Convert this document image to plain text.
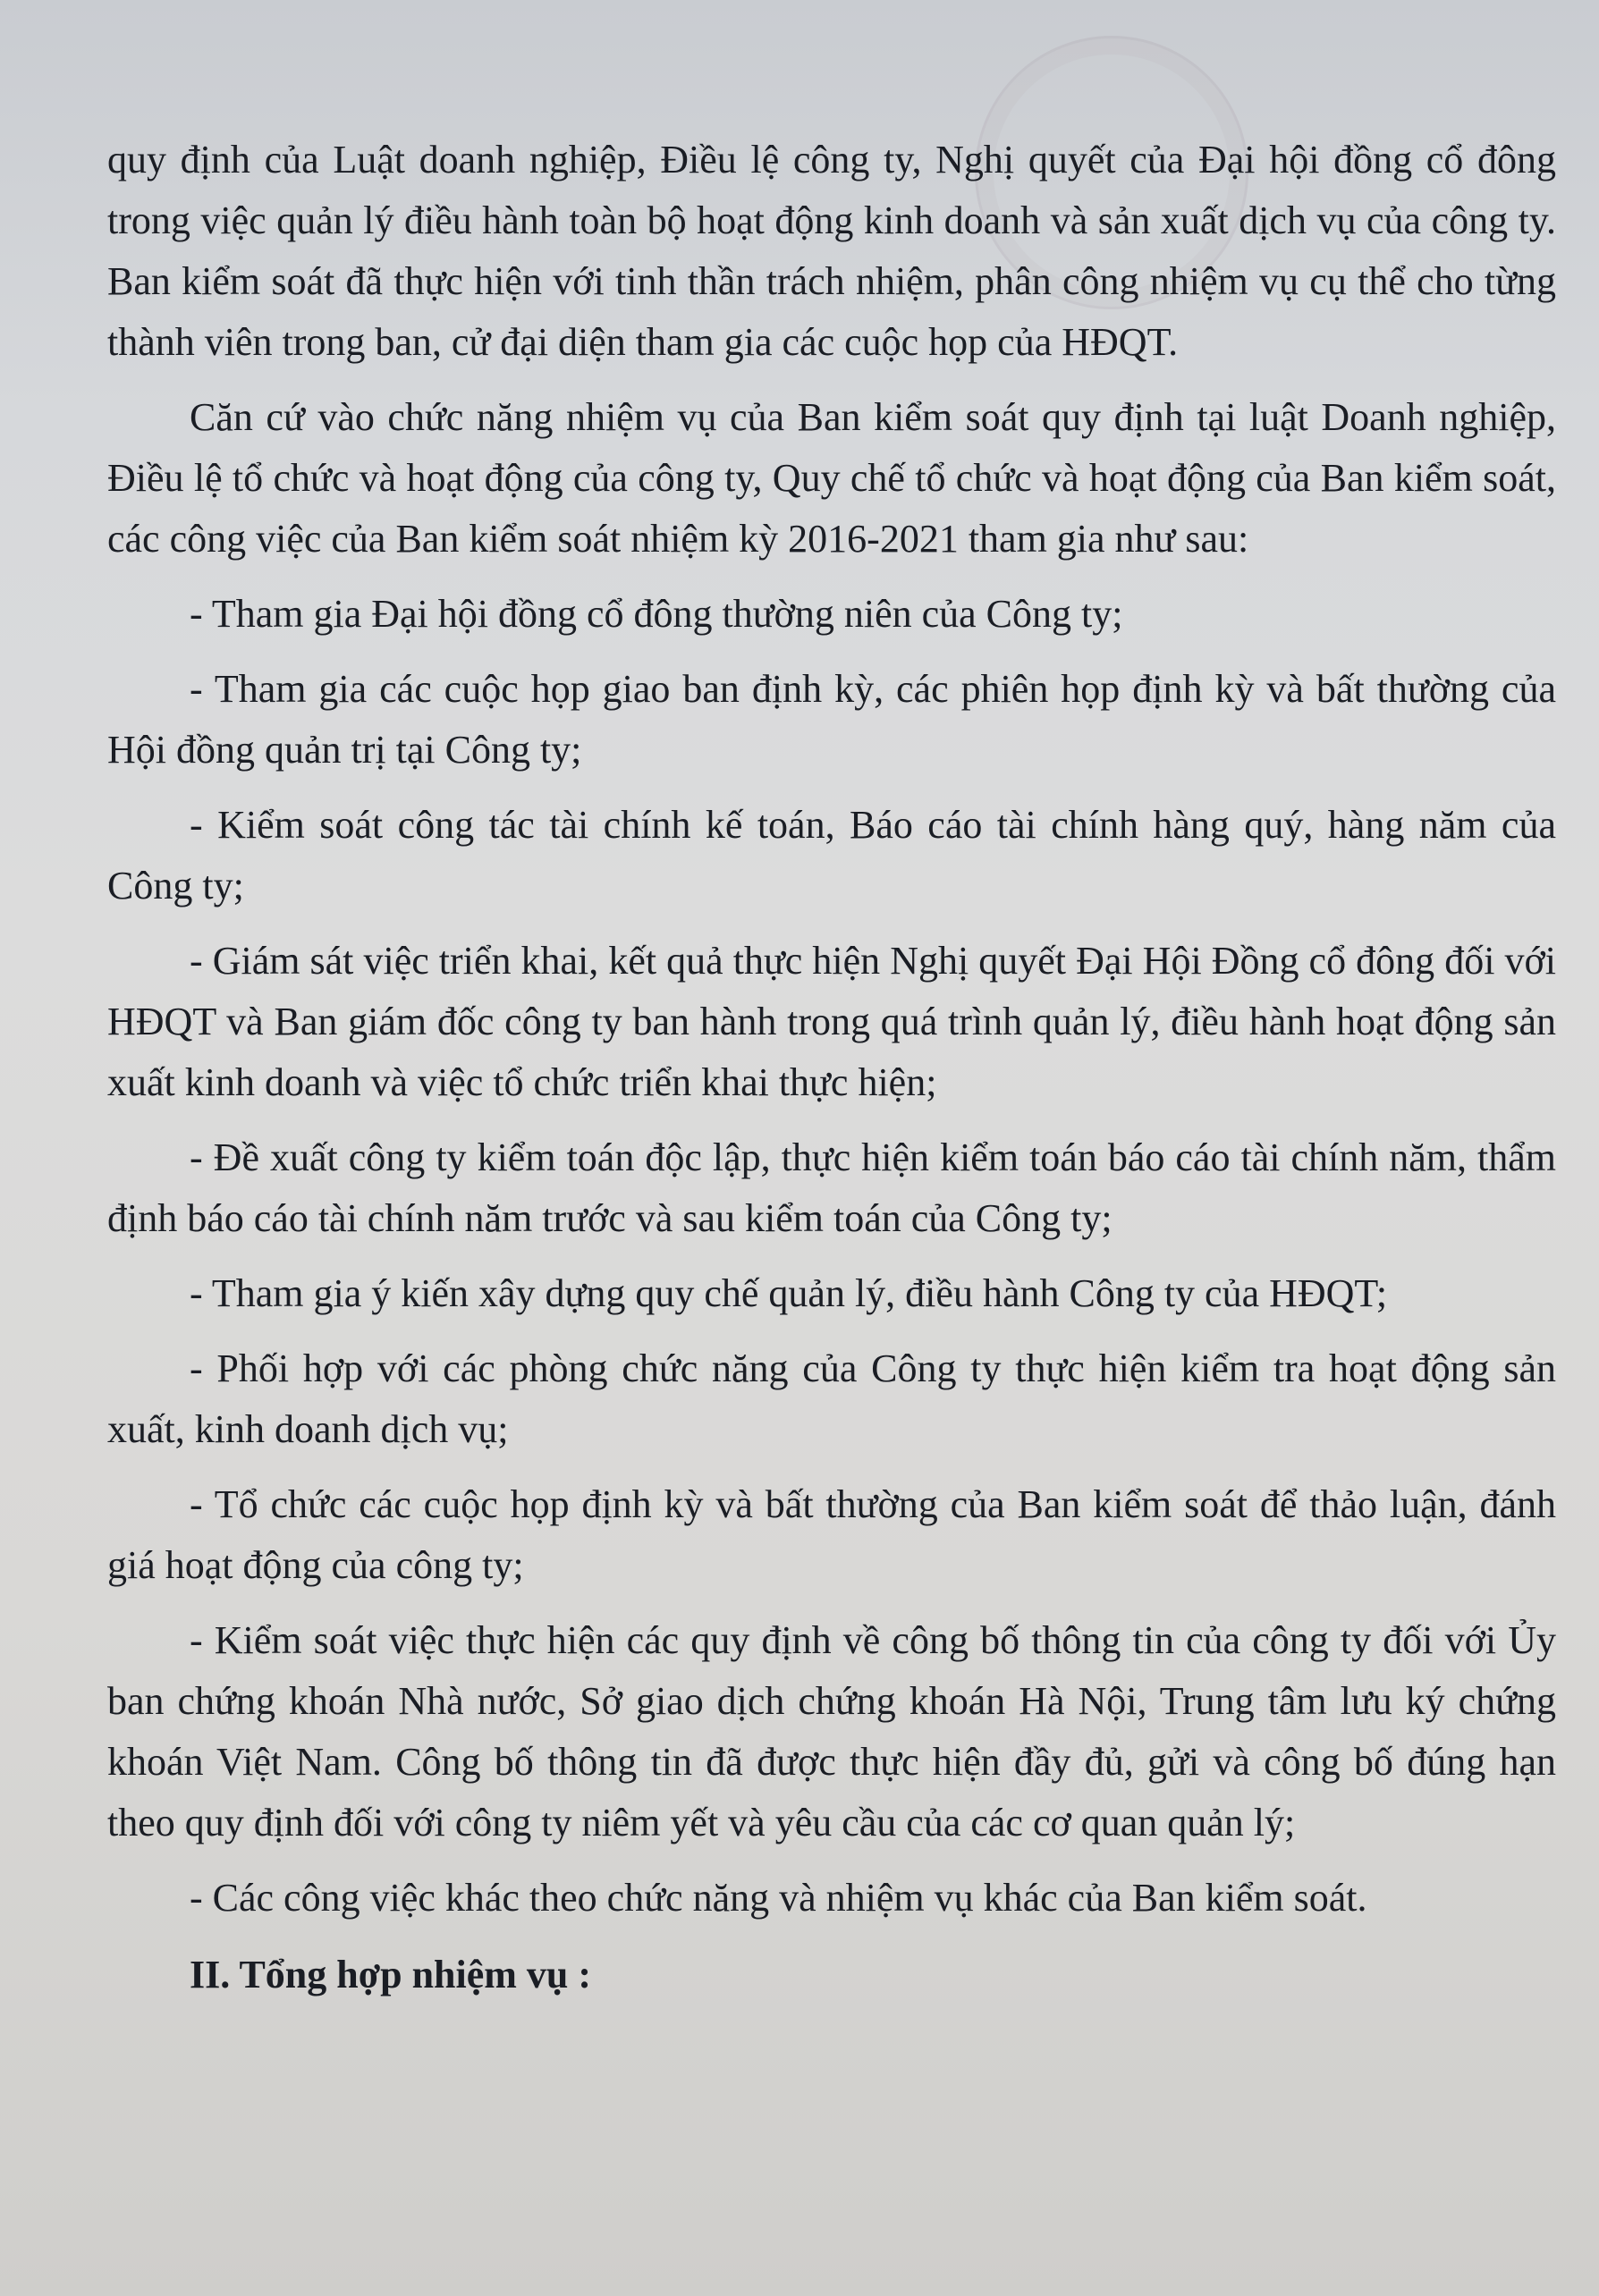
quy định của Luật doanh nghiệp, Điều lệ công ty, Nghị quyết của Đại hội đồng cổ đông trong việc quản lý điều hành toàn bộ hoạt động kinh doanh và sản xuất dịch vụ của công ty. Ban kiểm soát đã thực hiện với tinh thần trách nhiệm, phân công nhiệm vụ cụ thể cho từng thành viên trong ban, cử đại diện tham gia các cuộc họp của HĐQT.

Căn cứ vào chức năng nhiệm vụ của Ban kiểm soát quy định tại luật Doanh nghiệp, Điều lệ tổ chức và hoạt động của công ty, Quy chế tổ chức và hoạt động của Ban kiểm soát, các công việc của Ban kiểm soát nhiệm kỳ 2016-2021 tham gia như sau:

- Tham gia Đại hội đồng cổ đông thường niên của Công ty;

- Tham gia các cuộc họp giao ban định kỳ, các phiên họp định kỳ và bất thường của Hội đồng quản trị tại Công ty;

- Kiểm soát công tác tài chính kế toán, Báo cáo tài chính hàng quý, hàng năm của Công ty;

- Giám sát việc triển khai, kết quả thực hiện Nghị quyết Đại Hội Đồng cổ đông đối với HĐQT và Ban giám đốc công ty ban hành trong quá trình quản lý, điều hành hoạt động sản xuất kinh doanh và việc tổ chức triển khai thực hiện;

- Đề xuất công ty kiểm toán độc lập, thực hiện kiểm toán báo cáo tài chính năm, thẩm định báo cáo tài chính năm trước và sau kiểm toán của Công ty;

- Tham gia ý kiến xây dựng quy chế quản lý, điều hành Công ty của HĐQT;

- Phối hợp với các phòng chức năng của Công ty thực hiện kiểm tra hoạt động sản xuất, kinh doanh dịch vụ;

- Tổ chức các cuộc họp định kỳ và bất thường của Ban kiểm soát để thảo luận, đánh giá hoạt động của công ty;

- Kiểm soát việc thực hiện các quy định về công bố thông tin của công ty đối với Ủy ban chứng khoán Nhà nước, Sở giao dịch chứng khoán Hà Nội, Trung tâm lưu ký chứng khoán Việt Nam. Công bố thông tin đã được thực hiện đầy đủ, gửi và công bố đúng hạn theo quy định đối với công ty niêm yết và yêu cầu của các cơ quan quản lý;

- Các công việc khác theo chức năng và nhiệm vụ khác của Ban kiểm soát.

II. Tổng hợp nhiệm vụ :
